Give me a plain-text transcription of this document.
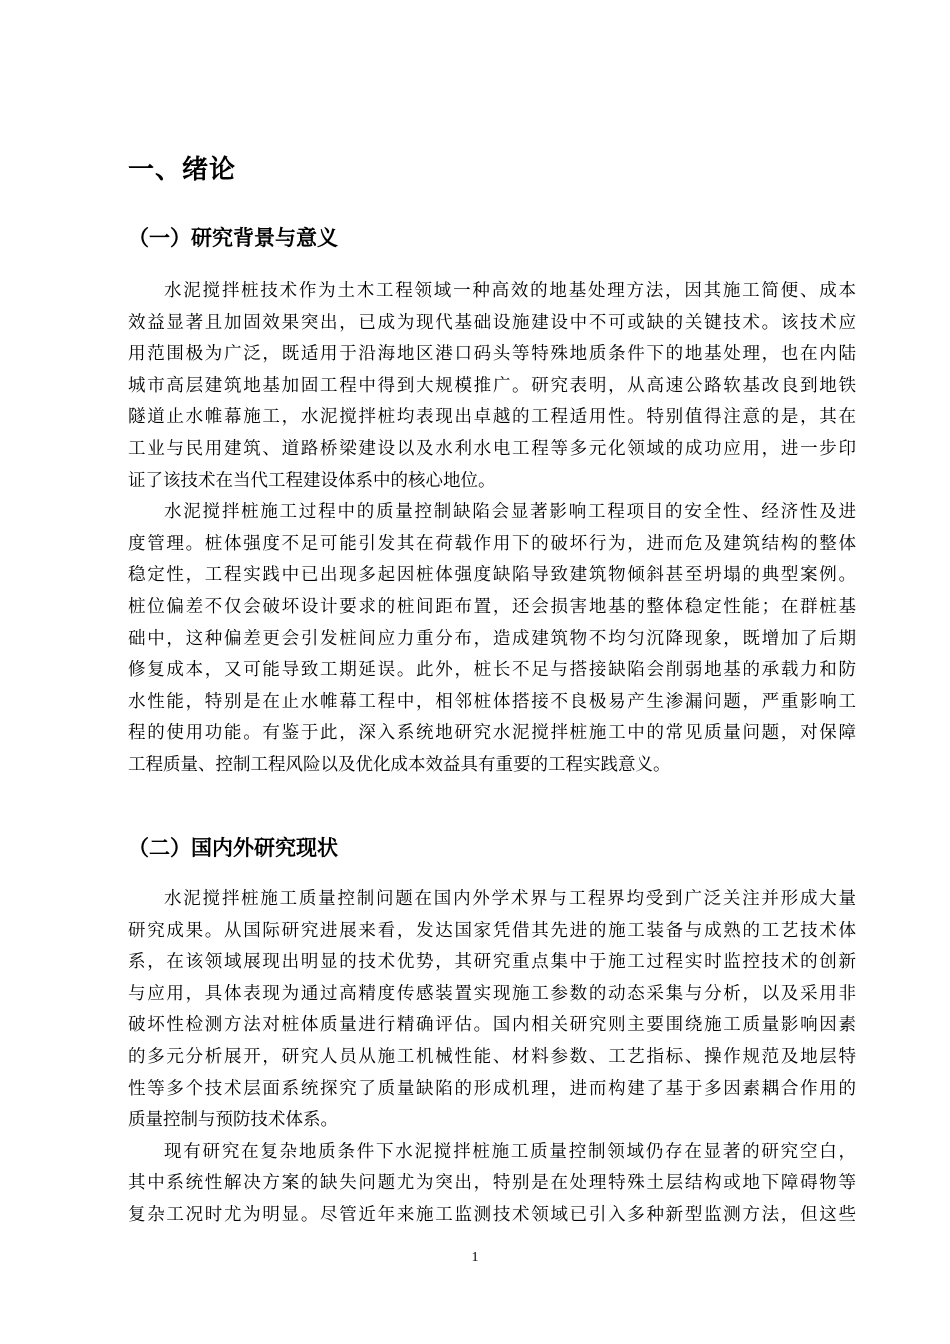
一、绪论
（一）研究背景与意义
水泥搅拌桩技术作为土木工程领域一种高效的地基处理方法，因其施工简便、成本
效益显著且加固效果突出，已成为现代基础设施建设中不可或缺的关键技术。该技术应
用范围极为广泛，既适用于沿海地区港口码头等特殊地质条件下的地基处理，也在内陆
城市高层建筑地基加固工程中得到大规模推广。研究表明，从高速公路软基改良到地铁
隧道止水帷幕施工，水泥搅拌桩均表现出卓越的工程适用性。特别值得注意的是，其在
工业与民用建筑、道路桥梁建设以及水利水电工程等多元化领域的成功应用，进一步印
证了该技术在当代工程建设体系中的核心地位。
水泥搅拌桩施工过程中的质量控制缺陷会显著影响工程项目的安全性、经济性及进
度管理。桩体强度不足可能引发其在荷载作用下的破坏行为，进而危及建筑结构的整体
稳定性，工程实践中已出现多起因桩体强度缺陷导致建筑物倾斜甚至坍塌的典型案例。
桩位偏差不仅会破坏设计要求的桩间距布置，还会损害地基的整体稳定性能；在群桩基
础中，这种偏差更会引发桩间应力重分布，造成建筑物不均匀沉降现象，既增加了后期
修复成本，又可能导致工期延误。此外，桩长不足与搭接缺陷会削弱地基的承载力和防
水性能，特别是在止水帷幕工程中，相邻桩体搭接不良极易产生渗漏问题，严重影响工
程的使用功能。有鉴于此，深入系统地研究水泥搅拌桩施工中的常见质量问题，对保障
工程质量、控制工程风险以及优化成本效益具有重要的工程实践意义。
（二）国内外研究现状
水泥搅拌桩施工质量控制问题在国内外学术界与工程界均受到广泛关注并形成大量
研究成果。从国际研究进展来看，发达国家凭借其先进的施工装备与成熟的工艺技术体
系，在该领域展现出明显的技术优势，其研究重点集中于施工过程实时监控技术的创新
与应用，具体表现为通过高精度传感装置实现施工参数的动态采集与分析，以及采用非
破坏性检测方法对桩体质量进行精确评估。国内相关研究则主要围绕施工质量影响因素
的多元分析展开，研究人员从施工机械性能、材料参数、工艺指标、操作规范及地层特
性等多个技术层面系统探究了质量缺陷的形成机理，进而构建了基于多因素耦合作用的
质量控制与预防技术体系。
现有研究在复杂地质条件下水泥搅拌桩施工质量控制领域仍存在显著的研究空白，
其中系统性解决方案的缺失问题尤为突出，特别是在处理特殊土层结构或地下障碍物等
复杂工况时尤为明显。尽管近年来施工监测技术领域已引入多种新型监测方法，但这些
1
